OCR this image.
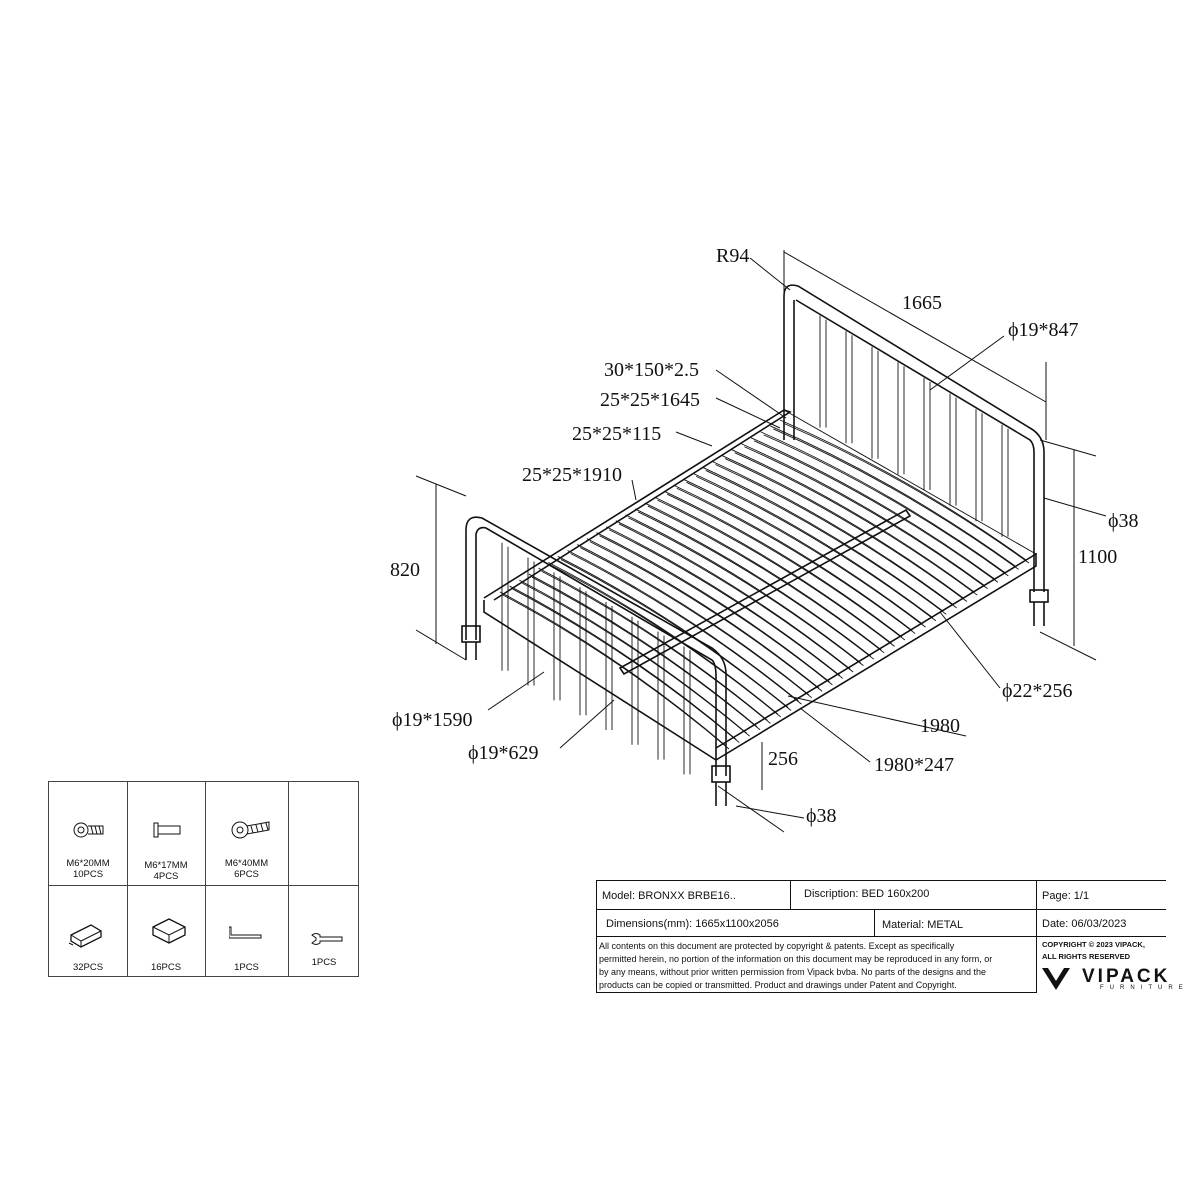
R94
1665
ϕ19*847
30*150*2.5
25*25*1645
25*25*115
25*25*1910
820
1100
ϕ38
ϕ22*256
1980
1980*247
256
ϕ38
ϕ19*1590
ϕ19*629
M6*20MM
10PCS
M6*17MM
4PCS
M6*40MM
6PCS
32PCS	16PCS	1PCS	1PCS
Model: BRONXX BRBE16..	Discription: BED 160x200	Page: 1/1
Dimensions(mm): 1665x1100x2056	Material: METAL	Date: 06/03/2023
All contents on this document are protected by copyright & patents. Except as specifically
permitted herein, no portion of the information on this document may be reproduced in any form, or
by any means, without prior written permission from Vipack bvba. No parts of the designs and the
products can be copied or transmitted. Product and drawings under Patent and Copyright.
COPYRIGHT © 2023 VIPACK,
ALL RIGHTS RESERVED
VIPACK
FURNITURE
